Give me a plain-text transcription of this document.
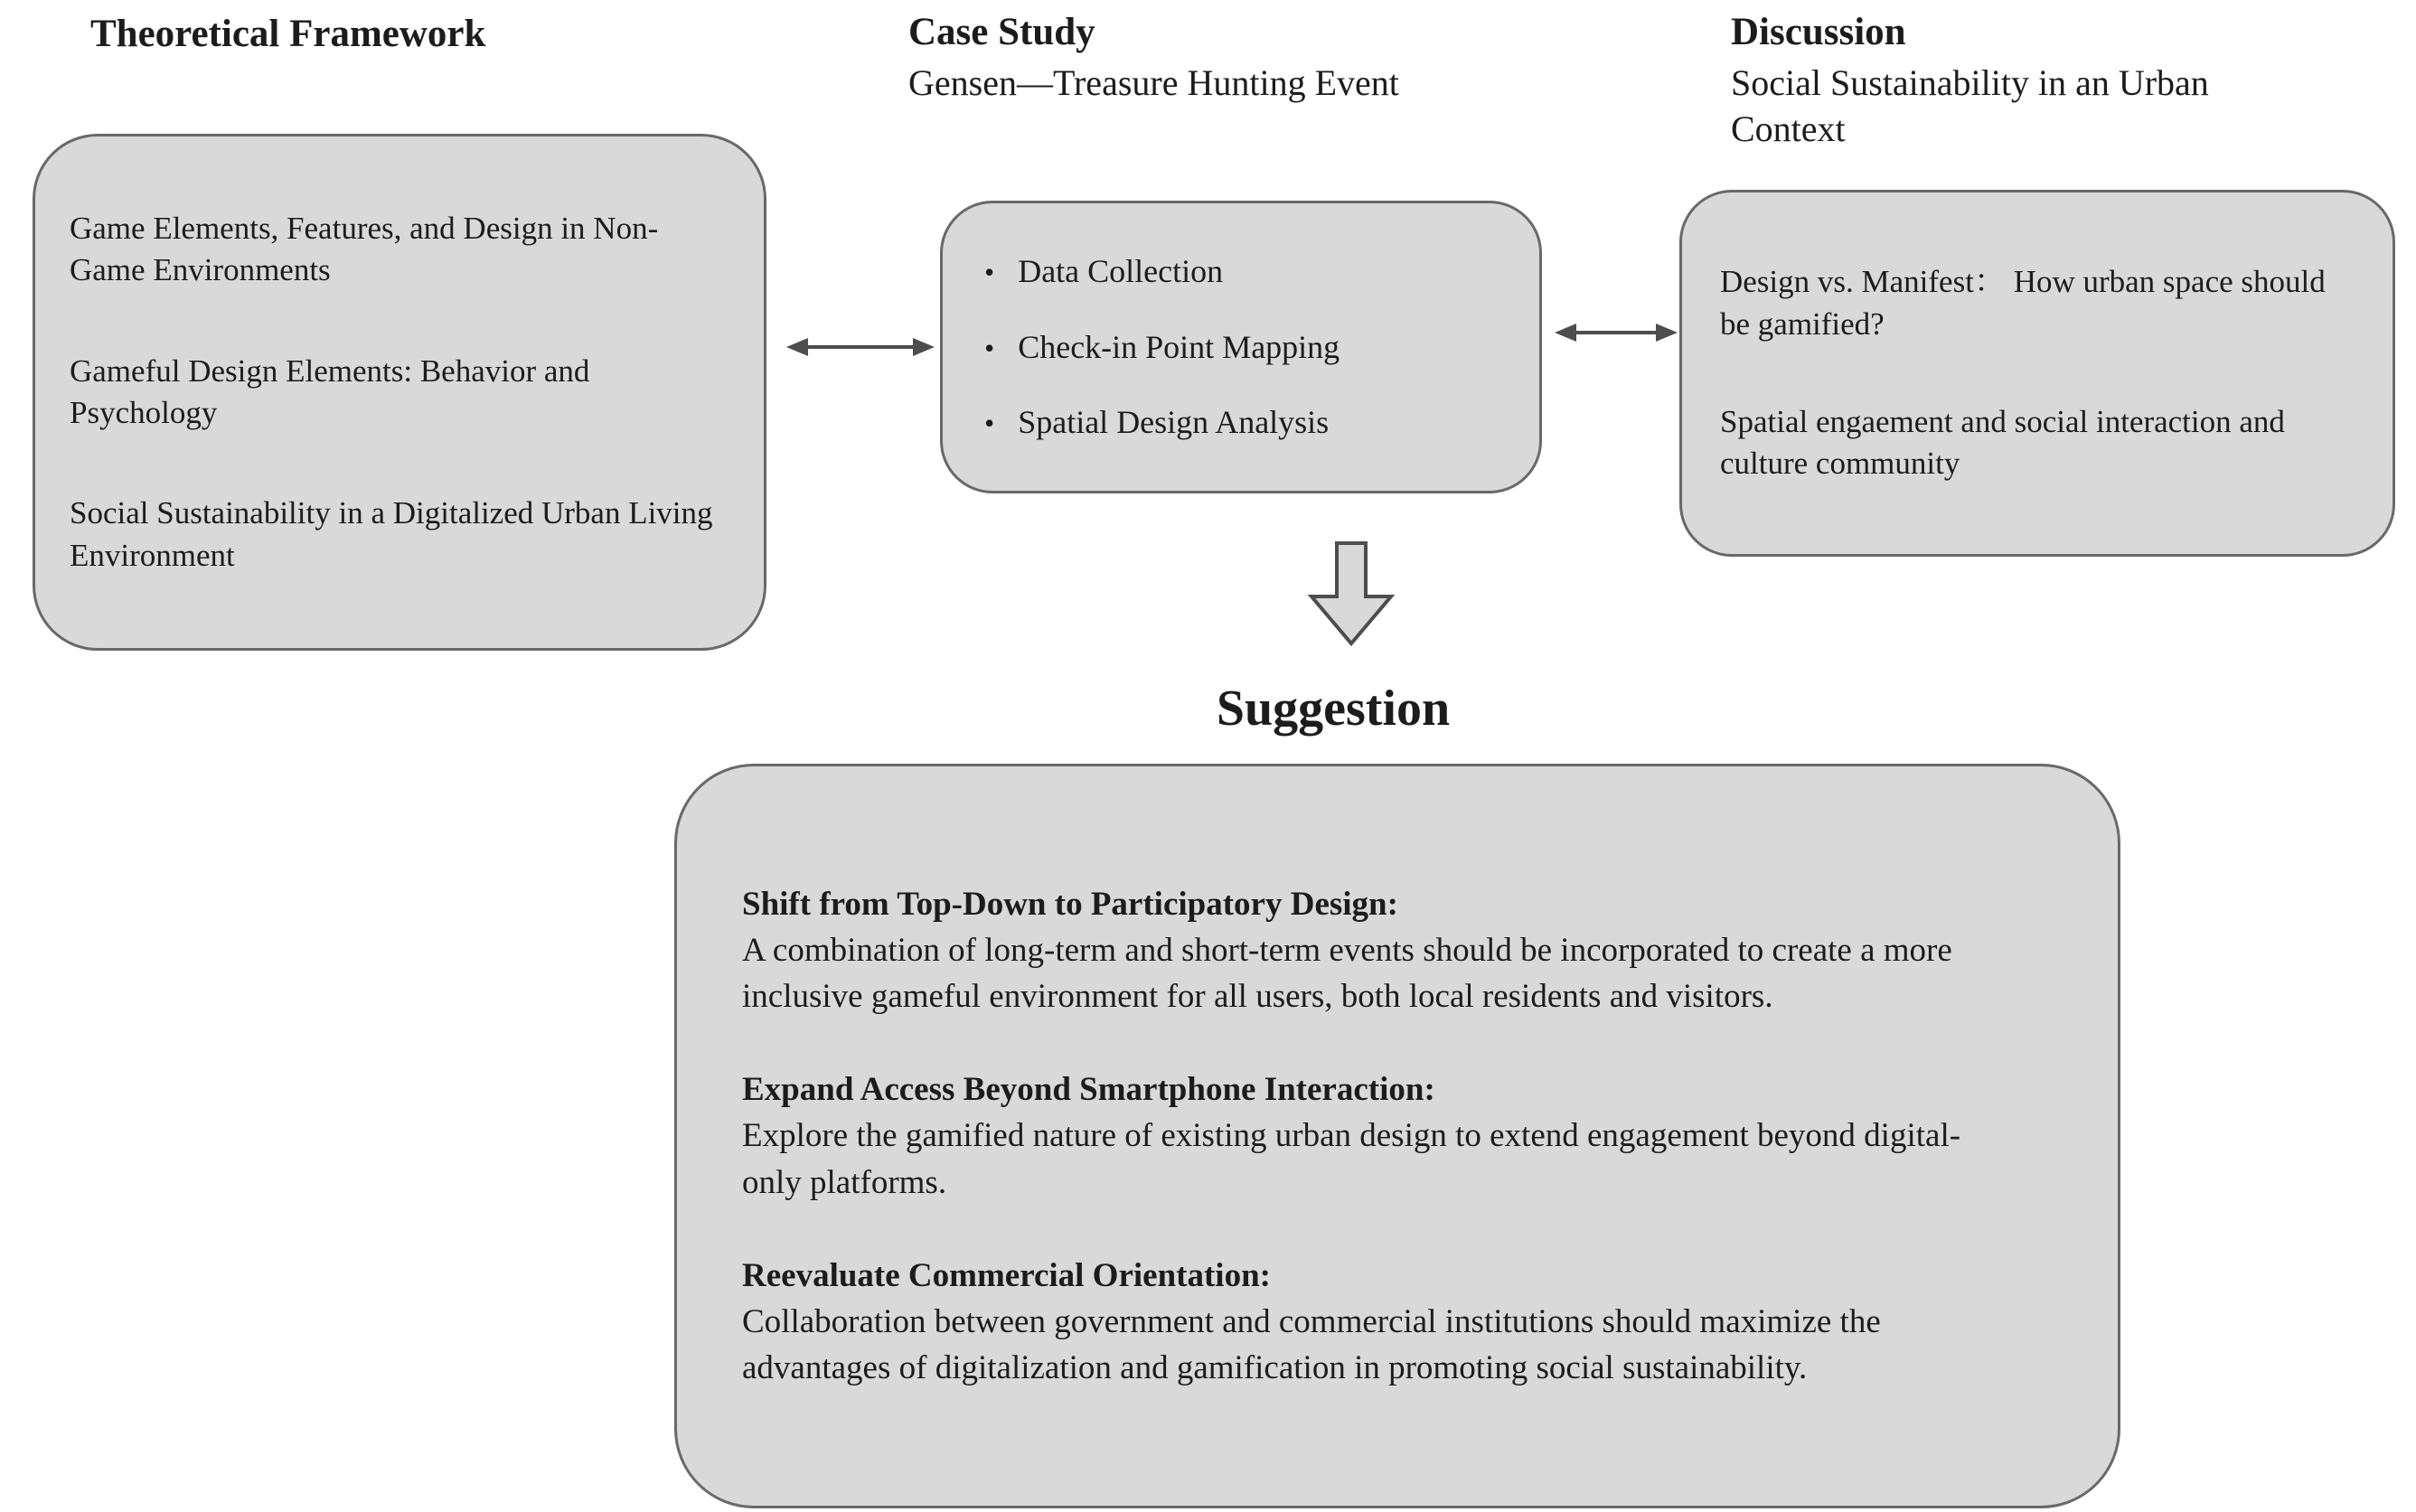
Theoretical Framework

Game Elements, Features, and Design in Non-Game Environments

Gameful Design Elements: Behavior and Psychology

Social Sustainability in a Digitalized Urban Living Environment

Case Study
Gensen—Treasure Hunting Event
• Data Collection
• Check-in Point Mapping
• Spatial Design Analysis
Discussion
Social Sustainability in an Urban Context

Design vs. Manifest： How urban space should be gamified?

Spatial engaement and social interaction and culture community

Suggestion
Shift from Top-Down to Participatory Design:
A combination of long-term and short-term events should be incorporated to create a more inclusive gameful environment for all users, both local residents and visitors.
Expand Access Beyond Smartphone Interaction:
Explore the gamified nature of existing urban design to extend engagement beyond digital-only platforms.
Reevaluate Commercial Orientation:
Collaboration between government and commercial institutions should maximize the advantages of digitalization and gamification in promoting social sustainability.
